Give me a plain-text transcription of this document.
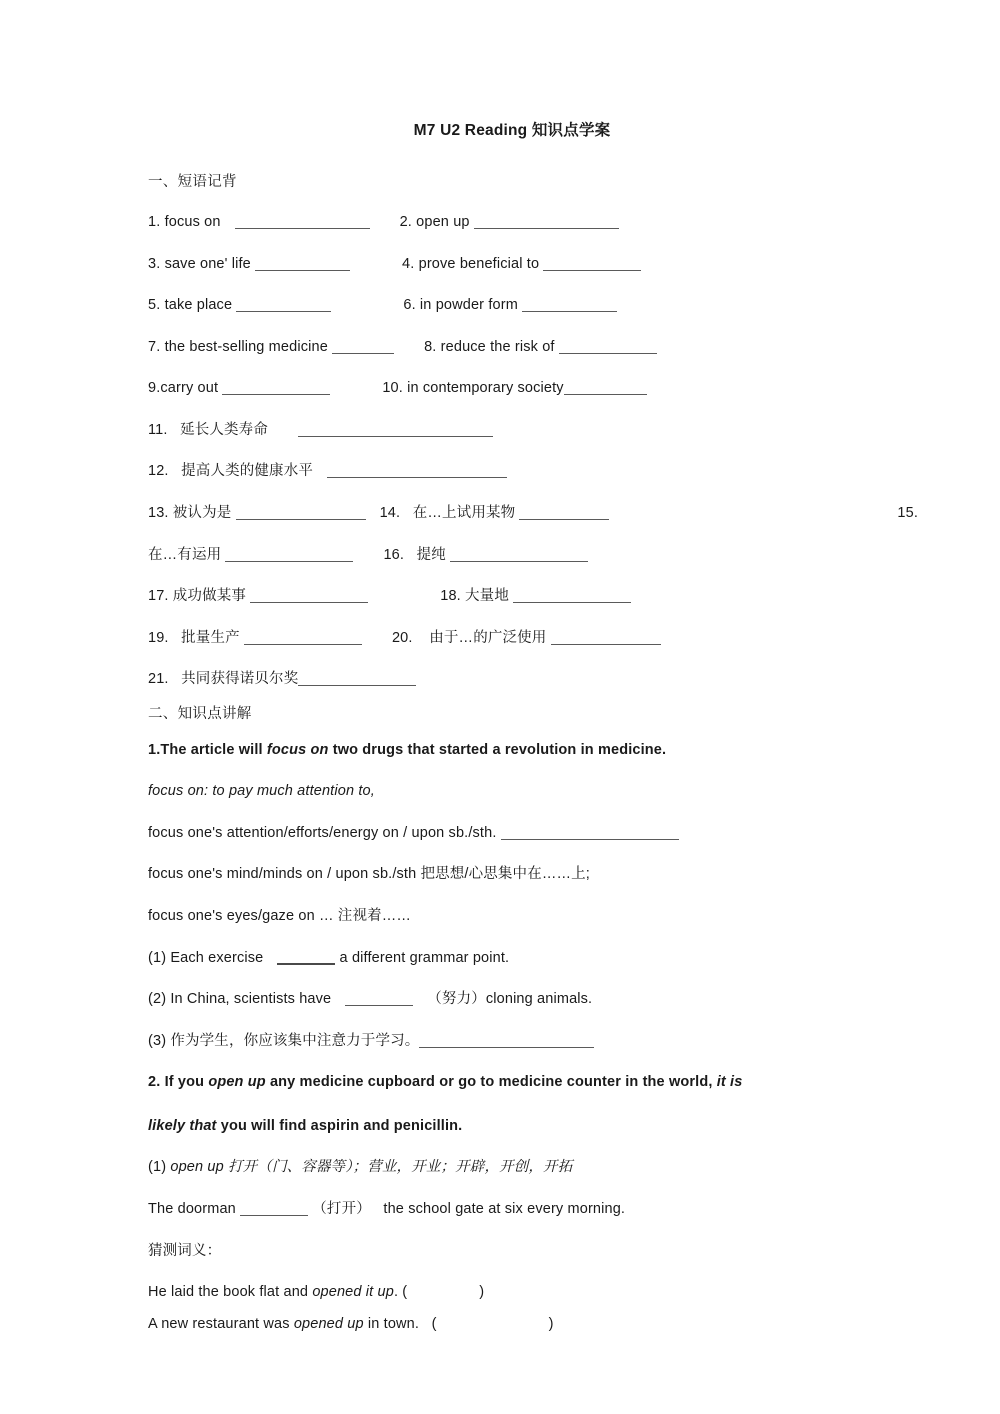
M7 U2 Reading 知识点学案
一、短语记背
1. focus on	2. open up
3. save one' life	4. prove beneficial to
5. take place	6. in powder form
7. the best-selling medicine	8. reduce the risk of
9.carry out	10. in contemporary society
11.   延长人类寿命
12.   提高人类的健康水平
13. 被认为是	14.   在…上试用某物	15.
在…有运用	16.   提纯
17. 成功做某事	18. 大量地
19.   批量生产	20.    由于…的广泛使用
21.   共同获得诺贝尔奖
二、知识点讲解
1.The article will focus on two drugs that started a revolution in medicine.
focus on: to pay much attention to,
focus one's attention/efforts/energy on / upon sb./sth.
focus one's mind/minds on / upon sb./sth 把思想/心思集中在……上;
focus one's eyes/gaze on … 注视着……
(1) Each exercise	a different grammar point.
(2) In China, scientists have	（努力）cloning animals.
(3) 作为学生，你应该集中注意力于学习。
2. If you open up any medicine cupboard or go to medicine counter in the world, it is
likely that you will find aspirin and penicillin.
(1) open up 打开（门、容器等）；营业，开业；开辟，开创，开拓
The doorman	（打开）   the school gate at six every morning.
猜测词义：
He laid the book flat and opened it up. (	)
A new restaurant was opened up in town.   (	)
